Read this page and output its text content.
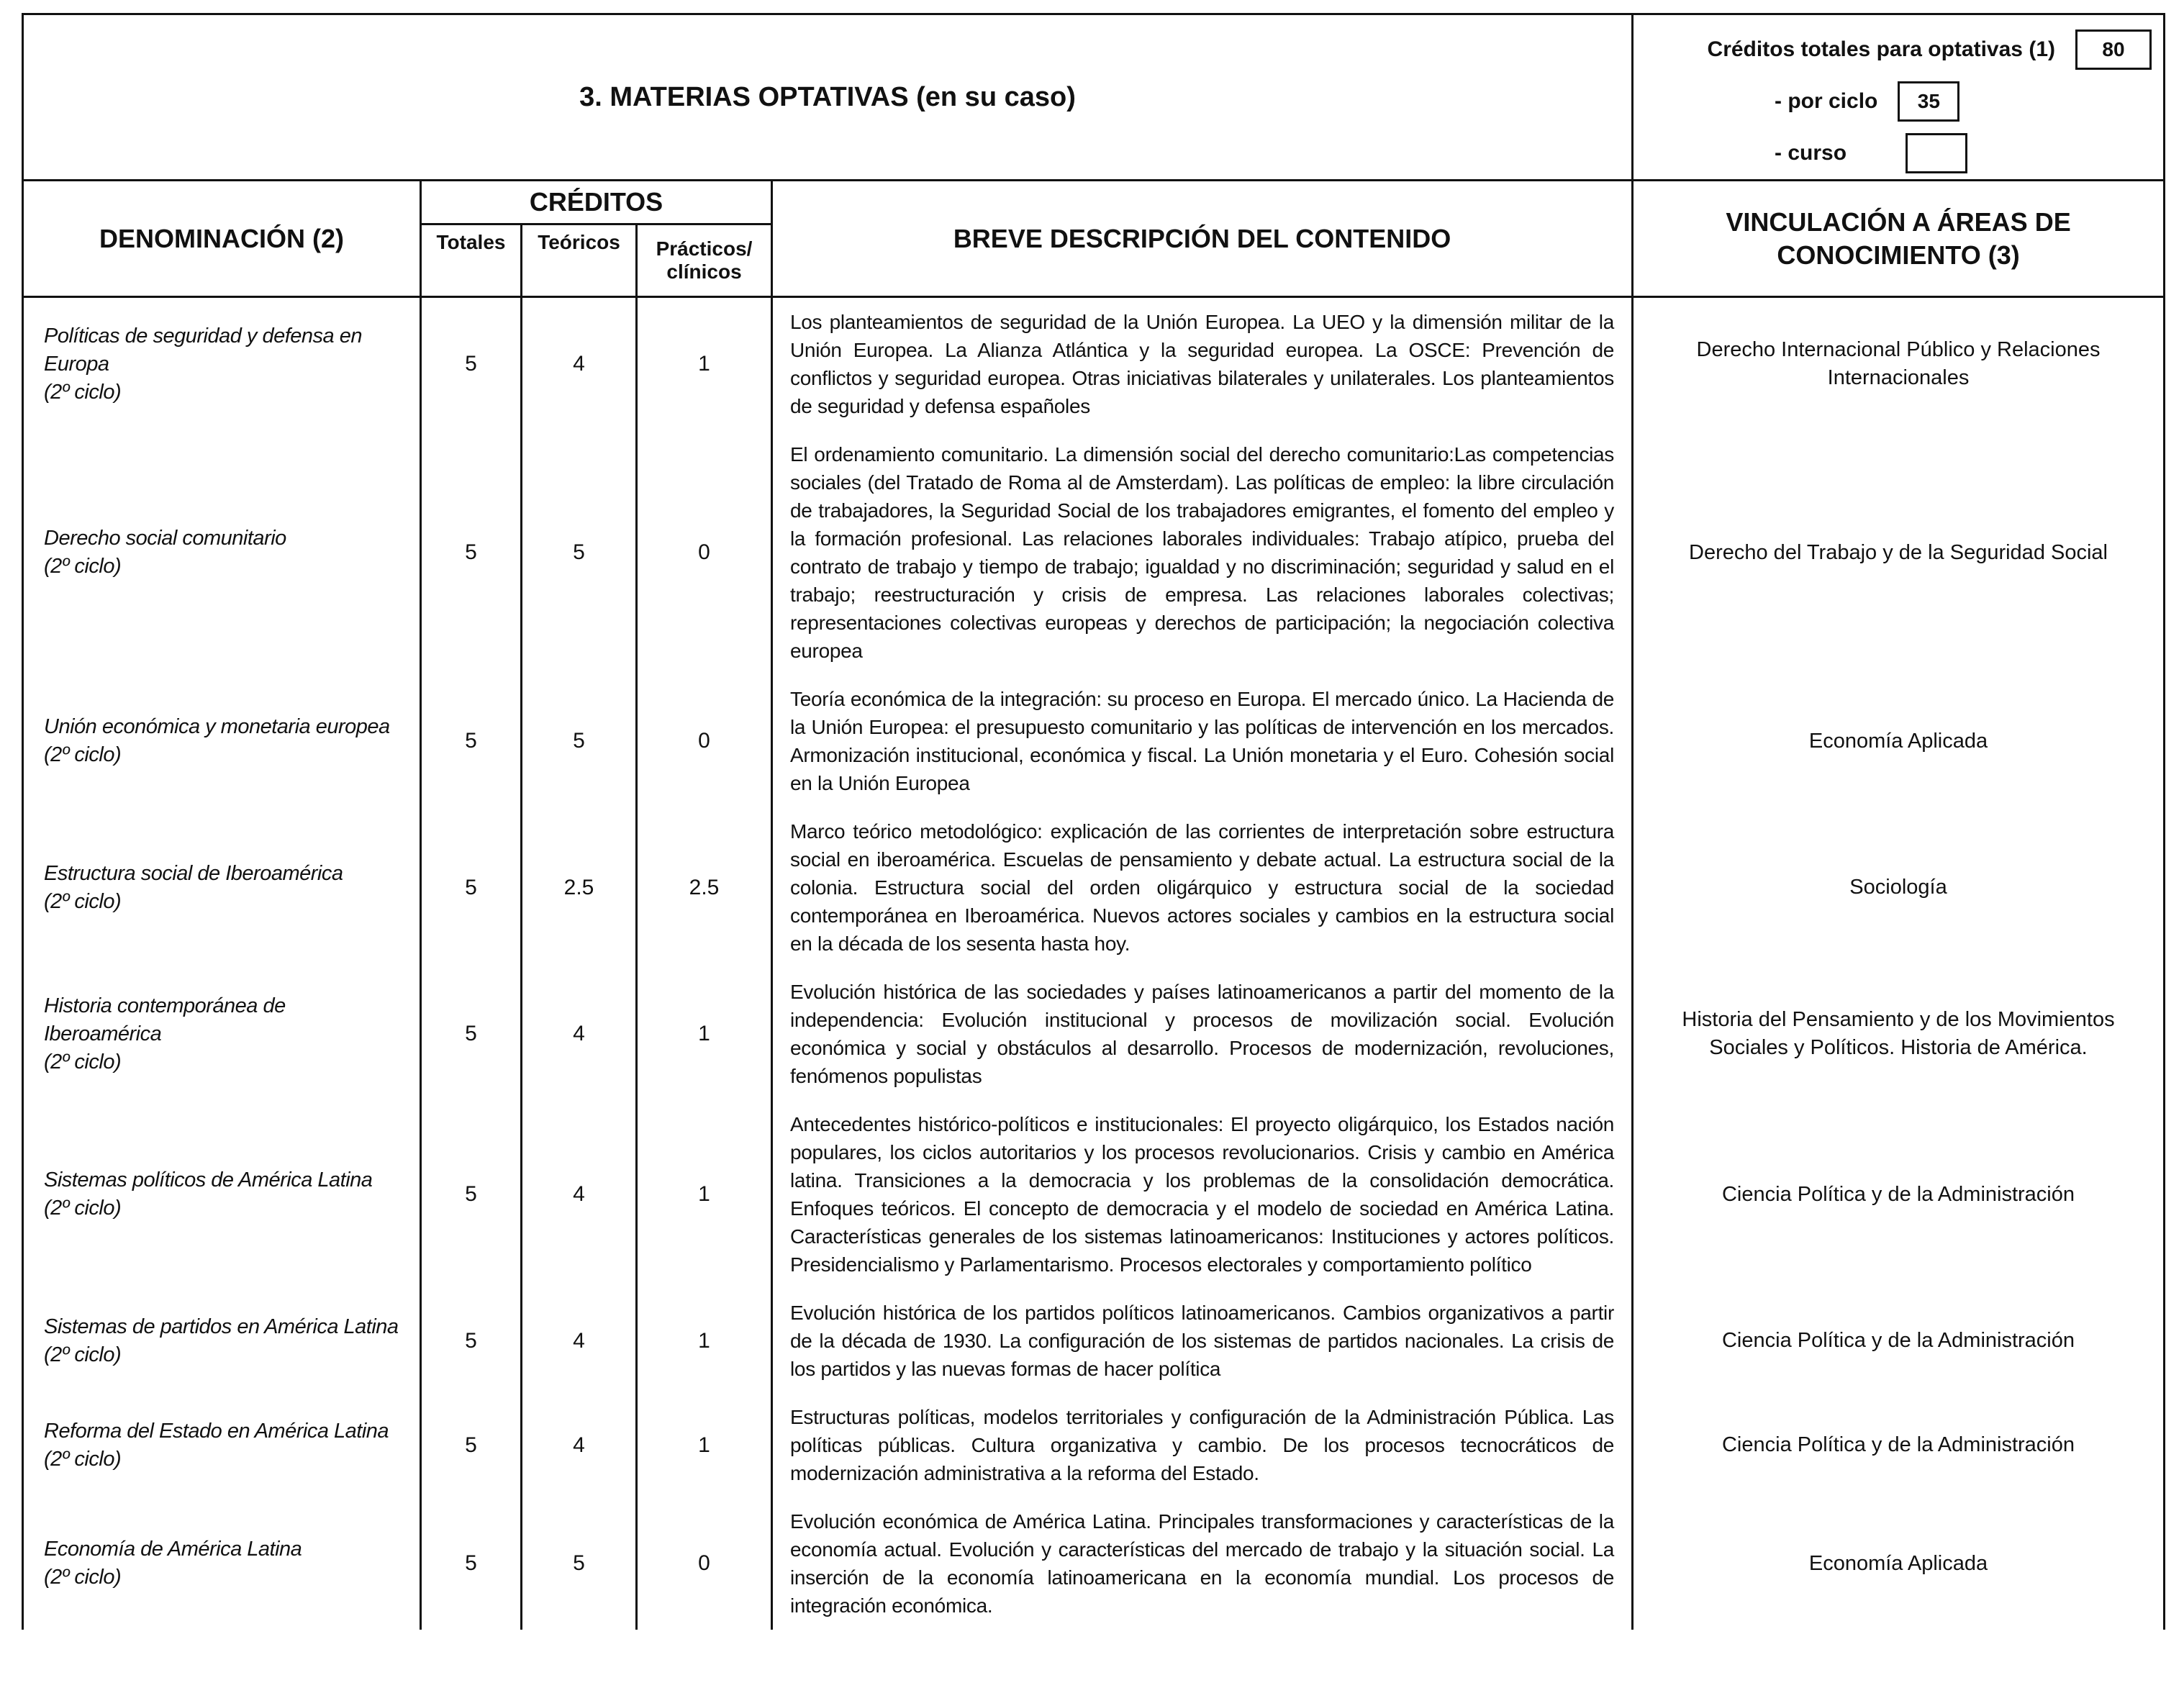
3. MATERIAS OPTATIVAS (en su caso)	
Créditos totales para optativas (1)	80
- por ciclo	35
- curso
DENOMINACIÓN (2)	CRÉDITOS			BREVE DESCRIPCIÓN DEL CONTENIDO	VINCULACIÓN A ÁREAS DE CONOCIMIENTO (3)
	Totales	Teóricos	Prácticos/ clínicos		
Políticas de seguridad y defensa en Europa
(2º ciclo)	5	4	1	Los planteamientos de seguridad de la Unión Europea. La UEO y la dimensión militar de la Unión Europea. La Alianza Atlántica y la seguridad europea. La OSCE: Prevención de conflictos y seguridad europea. Otras iniciativas bilaterales y unilaterales. Los planteamientos de seguridad y defensa españoles	Derecho Internacional Público y Relaciones Internacionales

Derecho social comunitario
(2º ciclo)	5	5	0	El ordenamiento comunitario. La dimensión social del derecho comunitario:Las competencias sociales (del Tratado de Roma al de Amsterdam). Las políticas de empleo: la libre circulación de trabajadores, la Seguridad Social de los trabajadores emigrantes, el fomento del empleo y la formación profesional. Las relaciones laborales individuales: Trabajo atípico, prueba del contrato de trabajo y tiempo de trabajo; igualdad y no discriminación; seguridad y salud en el trabajo; reestructuración y crisis de empresa. Las relaciones laborales colectivas; representaciones colectivas europeas y derechos de participación; la negociación colectiva europea	Derecho del Trabajo y de la Seguridad Social

Unión económica y monetaria europea
(2º ciclo)	5	5	0	Teoría económica de la integración: su proceso en Europa. El mercado único. La Hacienda de la Unión Europea: el presupuesto comunitario y las políticas de intervención en los mercados. Armonización institucional, económica y fiscal. La Unión monetaria y el Euro. Cohesión social en la Unión Europea	Economía Aplicada

Estructura social de Iberoamérica
(2º ciclo)	5	2.5	2.5	Marco teórico metodológico: explicación de las corrientes de interpretación sobre estructura social en iberoamérica. Escuelas de pensamiento y debate actual. La estructura social de la colonia. Estructura social del orden oligárquico y estructura social de la sociedad contemporánea en Iberoamérica. Nuevos actores sociales y cambios en la estructura social en la década de los sesenta hasta hoy.	Sociología

Historia contemporánea de Iberoamérica
(2º ciclo)	5	4	1	Evolución histórica de las sociedades y países latinoamericanos a partir del momento de la independencia: Evolución institucional y procesos de movilización social. Evolución económica y social y obstáculos al desarrollo. Procesos de modernización, revoluciones, fenómenos populistas	Historia del Pensamiento y de los Movimientos Sociales y Políticos. Historia de América.

Sistemas políticos de América Latina
(2º ciclo)	5	4	1	Antecedentes histórico-políticos e institucionales: El proyecto oligárquico, los Estados nación populares, los ciclos autoritarios y los procesos revolucionarios. Crisis y cambio en América latina. Transiciones a la democracia y los problemas de la consolidación democrática. Enfoques teóricos. El concepto de democracia y el modelo de sociedad en América Latina. Características generales de los sistemas latinoamericanos: Instituciones y actores políticos. Presidencialismo y Parlamentarismo. Procesos electorales y comportamiento político	Ciencia Política y de la Administración

Sistemas de partidos en América Latina
(2º ciclo)	5	4	1	Evolución histórica de los partidos políticos latinoamericanos. Cambios organizativos a partir de la década de 1930. La configuración de los sistemas de partidos nacionales. La crisis de los partidos y las nuevas formas de hacer política	Ciencia Política y de la Administración

Reforma del Estado en América Latina
(2º ciclo)	5	4	1	Estructuras políticas, modelos territoriales y configuración de la Administración Pública. Las políticas públicas. Cultura organizativa y cambio. De los procesos tecnocráticos de modernización administrativa a la reforma del Estado.	Ciencia Política y de la Administración

Economía de América Latina
(2º ciclo)	5	5	0	Evolución económica de América Latina. Principales transformaciones y características de la economía actual. Evolución y características del mercado de trabajo y la situación social. La inserción de la economía latinoamericana en la economía mundial. Los procesos de integración económica.	Economía Aplicada
